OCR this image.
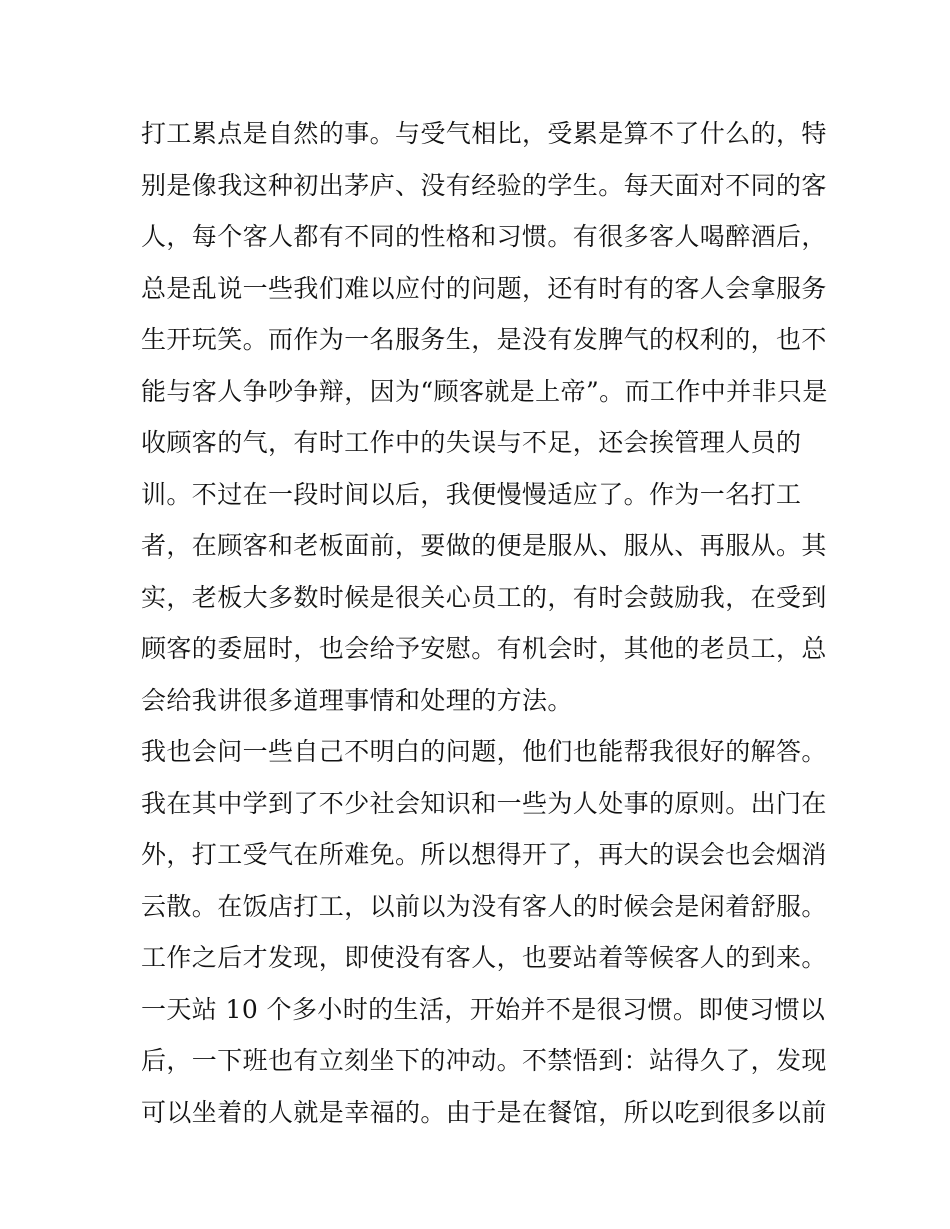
打工累点是自然的事。与受气相比，受累是算不了什么的，特
别是像我这种初出茅庐、没有经验的学生。每天面对不同的客
人，每个客人都有不同的性格和习惯。有很多客人喝醉酒后，
总是乱说一些我们难以应付的问题，还有时有的客人会拿服务
生开玩笑。而作为一名服务生，是没有发脾气的权利的，也不
能与客人争吵争辩，因为“顾客就是上帝”。而工作中并非只是
收顾客的气，有时工作中的失误与不足，还会挨管理人员的
训。不过在一段时间以后，我便慢慢适应了。作为一名打工
者，在顾客和老板面前，要做的便是服从、服从、再服从。其
实，老板大多数时候是很关心员工的，有时会鼓励我，在受到
顾客的委屈时，也会给予安慰。有机会时，其他的老员工，总
会给我讲很多道理事情和处理的方法。
我也会问一些自己不明白的问题，他们也能帮我很好的解答。
我在其中学到了不少社会知识和一些为人处事的原则。出门在
外，打工受气在所难免。所以想得开了，再大的误会也会烟消
云散。在饭店打工，以前以为没有客人的时候会是闲着舒服。
工作之后才发现，即使没有客人，也要站着等候客人的到来。
一天站 10 个多小时的生活，开始并不是很习惯。即使习惯以
后，一下班也有立刻坐下的冲动。不禁悟到：站得久了，发现
可以坐着的人就是幸福的。由于是在餐馆，所以吃到很多以前
